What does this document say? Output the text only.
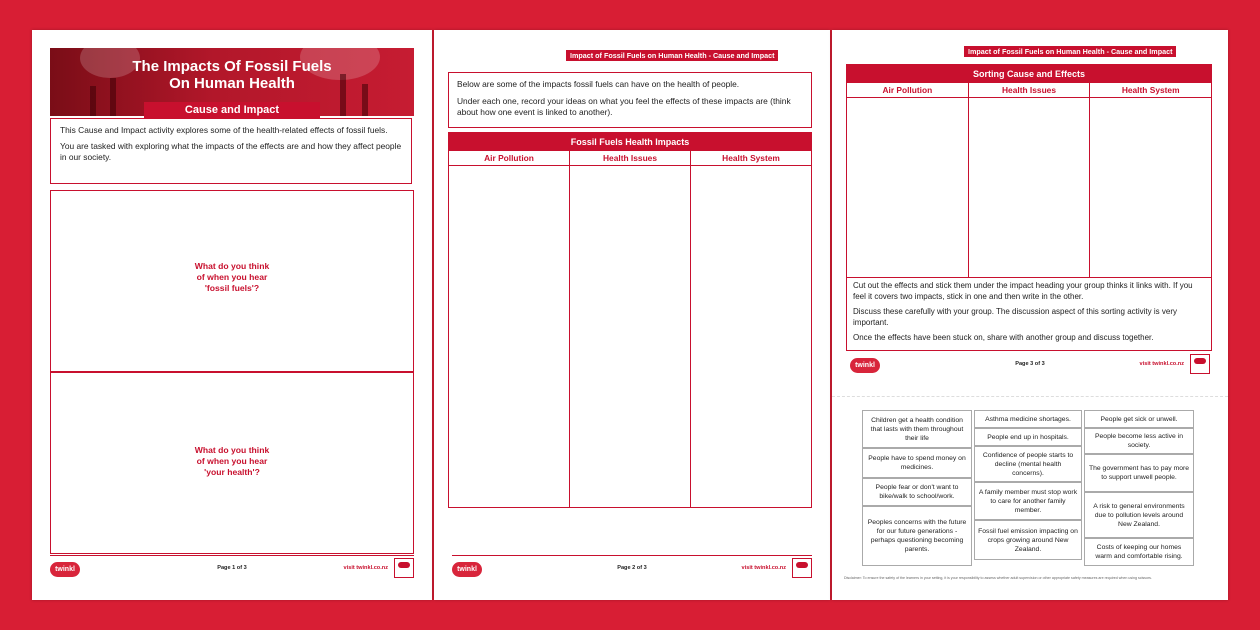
The Impacts Of Fossil Fuels
On Human Health
Cause and Impact

This Cause and Impact activity explores some of the health-related effects of fossil fuels.

You are tasked with exploring what the impacts of the effects are and how they affect people in our society.

What do you think
of when you hear
'fossil fuels'?
What do you think
of when you hear
'your health'?
twinkl	Page 1 of 3	visit twinkl.co.nz
Impact of Fossil Fuels on Human Health - Cause and Impact

Below are some of the impacts fossil fuels can have on the health of people.

Under each one, record your ideas on what you feel the effects of these impacts are (think about how one event is linked to another).

Fossil Fuels Health Impacts
Air Pollution	Health Issues	Health System
twinkl	Page 2 of 3	visit twinkl.co.nz
Impact of Fossil Fuels on Human Health - Cause and Impact
Sorting Cause and Effects
Air Pollution	Health Issues	Health System

Cut out the effects and stick them under the impact heading your group thinks it links with. If you feel it covers two impacts, stick in one and then write in the other.

Discuss these carefully with your group. The discussion aspect of this sorting activity is very important.

Once the effects have been stuck on, share with another group and discuss together.

twinkl	Page 3 of 3	visit twinkl.co.nz
Children get a health condition that lasts with them throughout their life
People have to spend money on medicines.
People fear or don't want to bike/walk to school/work.
Peoples concerns with the future for our future generations - perhaps questioning becoming parents.
Asthma medicine shortages.
People end up in hospitals.
Confidence of people starts to decline (mental health concerns).
A family member must stop work to care for another family member.
Fossil fuel emission impacting on crops growing around New Zealand.
People get sick or unwell.
People become less active in society.
The government has to pay more to support unwell people.
A risk to general environments due to pollution levels around New Zealand.
Costs of keeping our homes warm and comfortable rising.
Disclaimer: To ensure the safety of the learners in your setting, it is your responsibility to assess whether adult supervision or other appropriate safety measures are required when using scissors.
